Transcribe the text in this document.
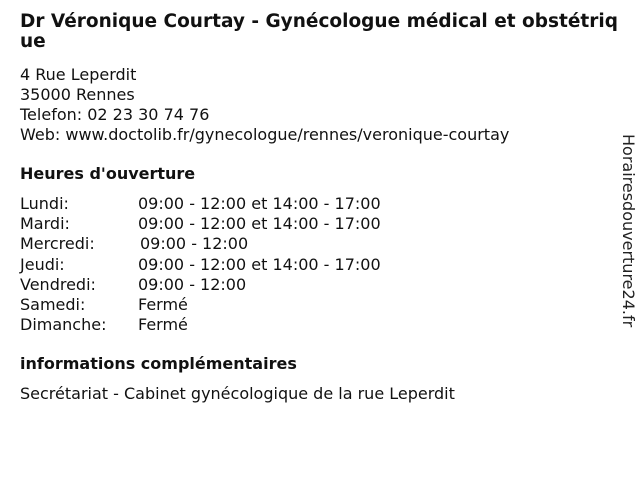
Dr Véronique Courtay - Gynécologue médical et obstétrique
4 Rue Leperdit
35000 Rennes
Telefon: 02 23 30 74 76
Web: www.doctolib.fr/gynecologue/rennes/veronique-courtay
Heures d'ouverture
Lundi:	09:00 - 12:00 et 14:00 - 17:00
Mardi:	09:00 - 12:00 et 14:00 - 17:00
Mercredi:	09:00 - 12:00
Jeudi:	09:00 - 12:00 et 14:00 - 17:00
Vendredi:	09:00 - 12:00
Samedi:	Fermé
Dimanche: Fermé
informations complémentaires
Secrétariat - Cabinet gynécologique de la rue Leperdit
Horairesdouverture24.fr
